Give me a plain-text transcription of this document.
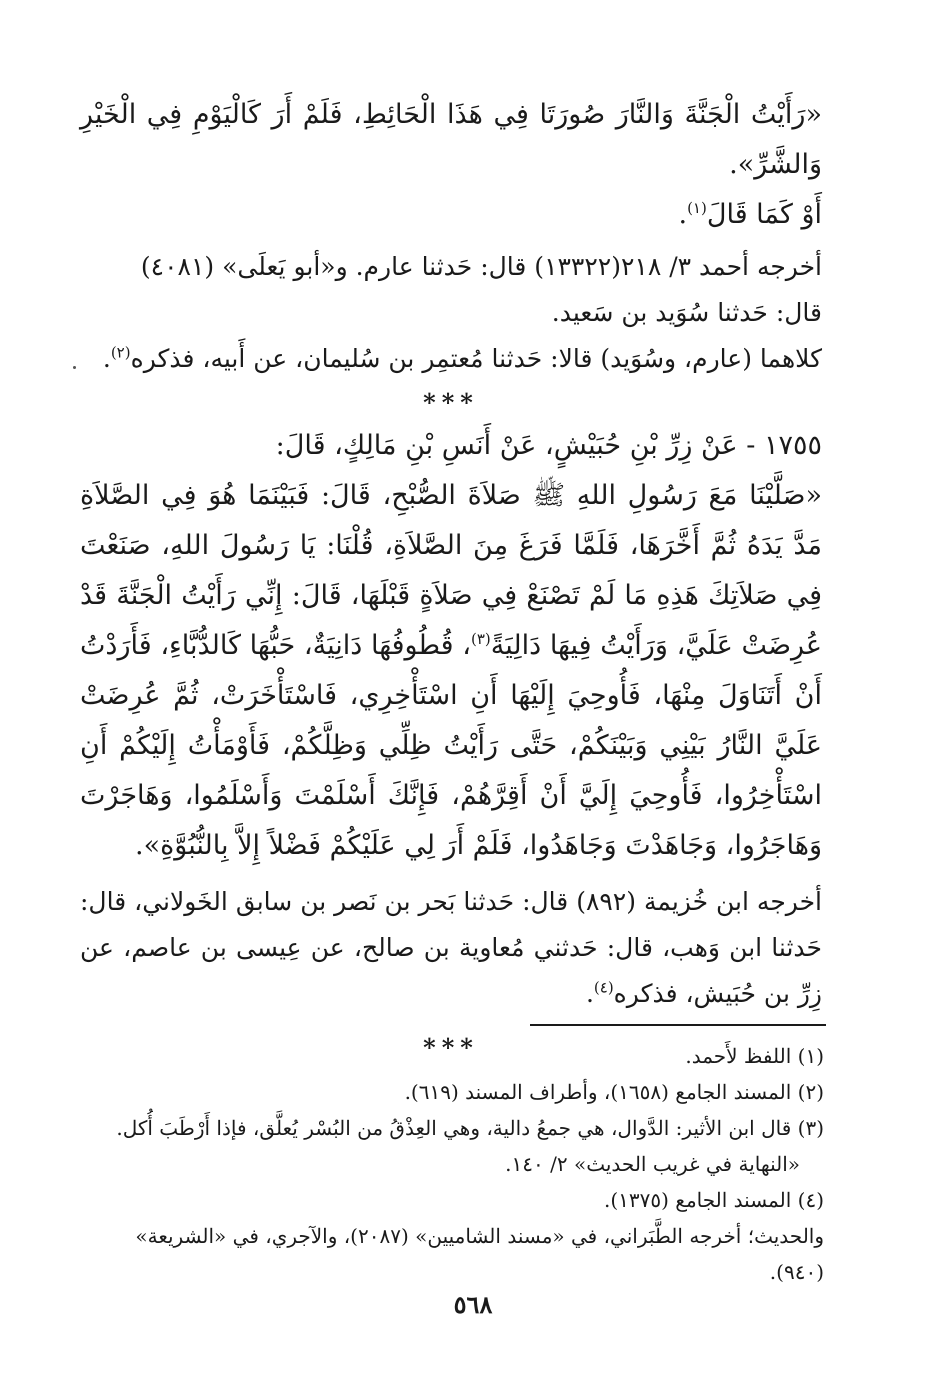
«رَأَيْتُ الْجَنَّةَ وَالنَّارَ صُورَتَا فِي هَذَا الْحَائِطِ، فَلَمْ أَرَ كَالْيَوْمِ فِي الْخَيْرِ وَالشَّرِّ».
أَوْ كَمَا قَالَ$^{(١)}$.

أخرجه أحمد ٣/ ٢١٨(١٣٣٢٢) قال: حَدثنا عارم. و«أبو يَعلَى» (٤٠٨١)
قال: حَدثنا سُوَيد بن سَعيد.
كلاهما (عارم، وسُوَيد) قالا: حَدثنا مُعتمِر بن سُليمان، عن أَبيه، فذكره$^{(٢)}$.

***

١٧٥٥ - عَنْ زِرِّ بْنِ حُبَيْشٍ، عَنْ أَنَسِ بْنِ مَالِكٍ، قَالَ:

«صَلَّيْنَا مَعَ رَسُولِ اللهِ ﷺ صَلاَةَ الصُّبْحِ، قَالَ: فَبَيْنَمَا هُوَ فِي الصَّلاَةِ مَدَّ يَدَهُ ثُمَّ أَخَّرَهَا، فَلَمَّا فَرَغَ مِنَ الصَّلاَةِ، قُلْنَا: يَا رَسُولَ اللهِ، صَنَعْتَ فِي صَلاَتِكَ هَذِهِ مَا لَمْ تَصْنَعْ فِي صَلاَةٍ قَبْلَهَا، قَالَ: إِنِّي رَأَيْتُ الْجَنَّةَ قَدْ عُرِضَتْ عَلَيَّ، وَرَأَيْتُ فِيهَا دَالِيَةً$^{(٣)}$، قُطُوفُهَا دَانِيَةٌ، حَبُّهَا كَالدُّبَّاءِ، فَأَرَدْتُ أَنْ أَتَنَاوَلَ مِنْهَا، فَأُوحِيَ إِلَيْهَا أَنِ اسْتَأْخِرِي، فَاسْتَأْخَرَتْ، ثُمَّ عُرِضَتْ عَلَيَّ النَّارُ بَيْنِي وَبَيْنَكُمْ، حَتَّى رَأَيْتُ ظِلِّي وَظِلَّكُمْ، فَأَوْمَأْتُ إِلَيْكُمْ أَنِ اسْتَأْخِرُوا، فَأُوحِيَ إِلَيَّ أَنْ أَقِرَّهُمْ، فَإِنَّكَ أَسْلَمْتَ وَأَسْلَمُوا، وَهَاجَرْتَ وَهَاجَرُوا، وَجَاهَدْتَ وَجَاهَدُوا، فَلَمْ أَرَ لِي عَلَيْكُمْ فَضْلاً إِلاَّ بِالنُّبُوَّةِ».

أخرجه ابن خُزيمة (٨٩٢) قال: حَدثنا بَحر بن نَصر بن سابق الخَولاني، قال: حَدثنا ابن وَهب، قال: حَدثني مُعاوية بن صالح، عن عِيسى بن عاصم، عن زِرِّ بن حُبَيش، فذكره$^{(٤)}$.

***	(١) اللفظ لأَحمد.

(٢) المسند الجامع (١٦٥٨)، وأطراف المسند (٦١٩).

(٣) قال ابن الأثير: الدَّوال، هي جمعُ دالية، وهي العِذْقُ من البُسْر يُعلَّق، فإذا أَرْطَبَ أُكل.

«النهاية في غريب الحديث» ٢/ ١٤٠.

(٤) المسند الجامع (١٣٧٥).

والحديث؛ أخرجه الطَّبَراني، في «مسند الشاميين» (٢٠٨٧)، والآجري، في «الشريعة» (٩٤٠).

٥٦٨
